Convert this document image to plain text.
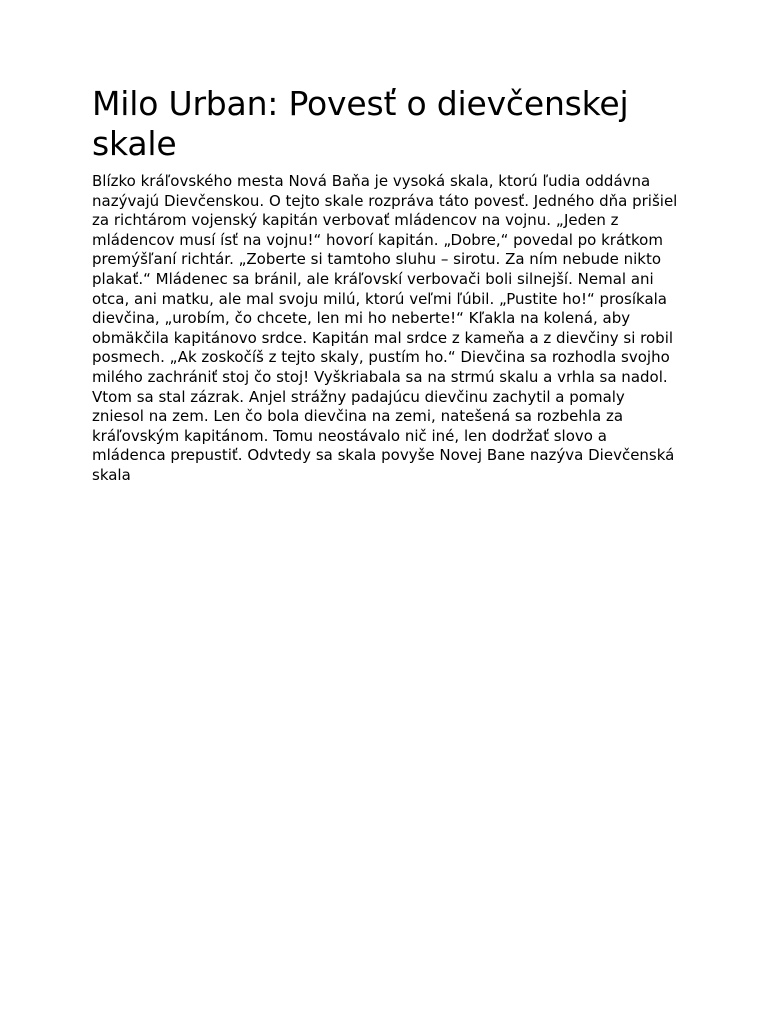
Milo Urban: Povesť o dievčenskej skale

Blízko kráľovského mesta Nová Baňa je vysoká skala, ktorú ľudia oddávna nazývajú Dievčenskou. O tejto skale rozpráva táto povesť. Jedného dňa prišiel za richtárom vojenský kapitán verbovať mládencov na vojnu. „Jeden z mládencov musí ísť na vojnu!“ hovorí kapitán. „Dobre,“ povedal po krátkom premýšľaní richtár. „Zoberte si tamtoho sluhu – sirotu. Za ním nebude nikto plakať.“ Mládenec sa bránil, ale kráľovskí verbovači boli silnejší. Nemal ani otca, ani matku, ale mal svoju milú, ktorú veľmi ľúbil. „Pustite ho!“ prosíkala dievčina, „urobím, čo chcete, len mi ho neberte!“ Kľakla na kolená, aby obmäkčila kapitánovo srdce. Kapitán mal srdce z kameňa a z dievčiny si robil posmech. „Ak zoskočíš z tejto skaly, pustím ho.“ Dievčina sa rozhodla svojho milého zachrániť stoj čo stoj! Vyškriabala sa na strmú skalu a vrhla sa nadol. Vtom sa stal zázrak. Anjel strážny padajúcu dievčinu zachytil a pomaly zniesol na zem. Len čo bola dievčina na zemi, natešená sa rozbehla za kráľovským kapitánom. Tomu neostávalo nič iné, len dodržať slovo a mládenca prepustiť. Odvtedy sa skala povyše Novej Bane nazýva Dievčenská skala
